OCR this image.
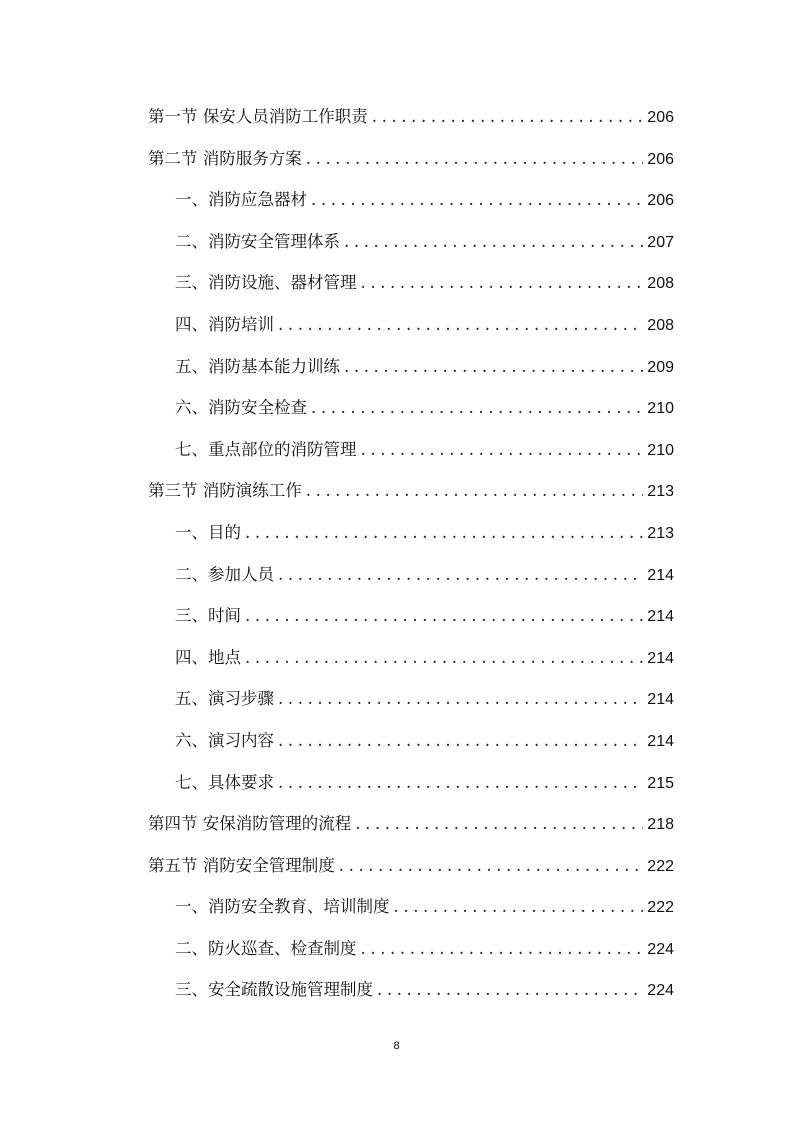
第一节 保安人员消防工作职责 .....	206
第二节 消防服务方案 .....	206
一、消防应急器材 .....	206
二、消防安全管理体系 .....	207
三、消防设施、器材管理 .....	208
四、消防培训 .....	208
五、消防基本能力训练 .....	209
六、消防安全检查 .....	210
七、重点部位的消防管理 .....	210
第三节 消防演练工作 .....	213
一、目的 .....	213
二、参加人员 .....	214
三、时间 .....	214
四、地点 .....	214
五、演习步骤 .....	214
六、演习内容 .....	214
七、具体要求 .....	215
第四节 安保消防管理的流程 .....	218
第五节 消防安全管理制度 .....	222
一、消防安全教育、培训制度 .....	222
二、防火巡查、检查制度 .....	224
三、安全疏散设施管理制度 .....	224
8
